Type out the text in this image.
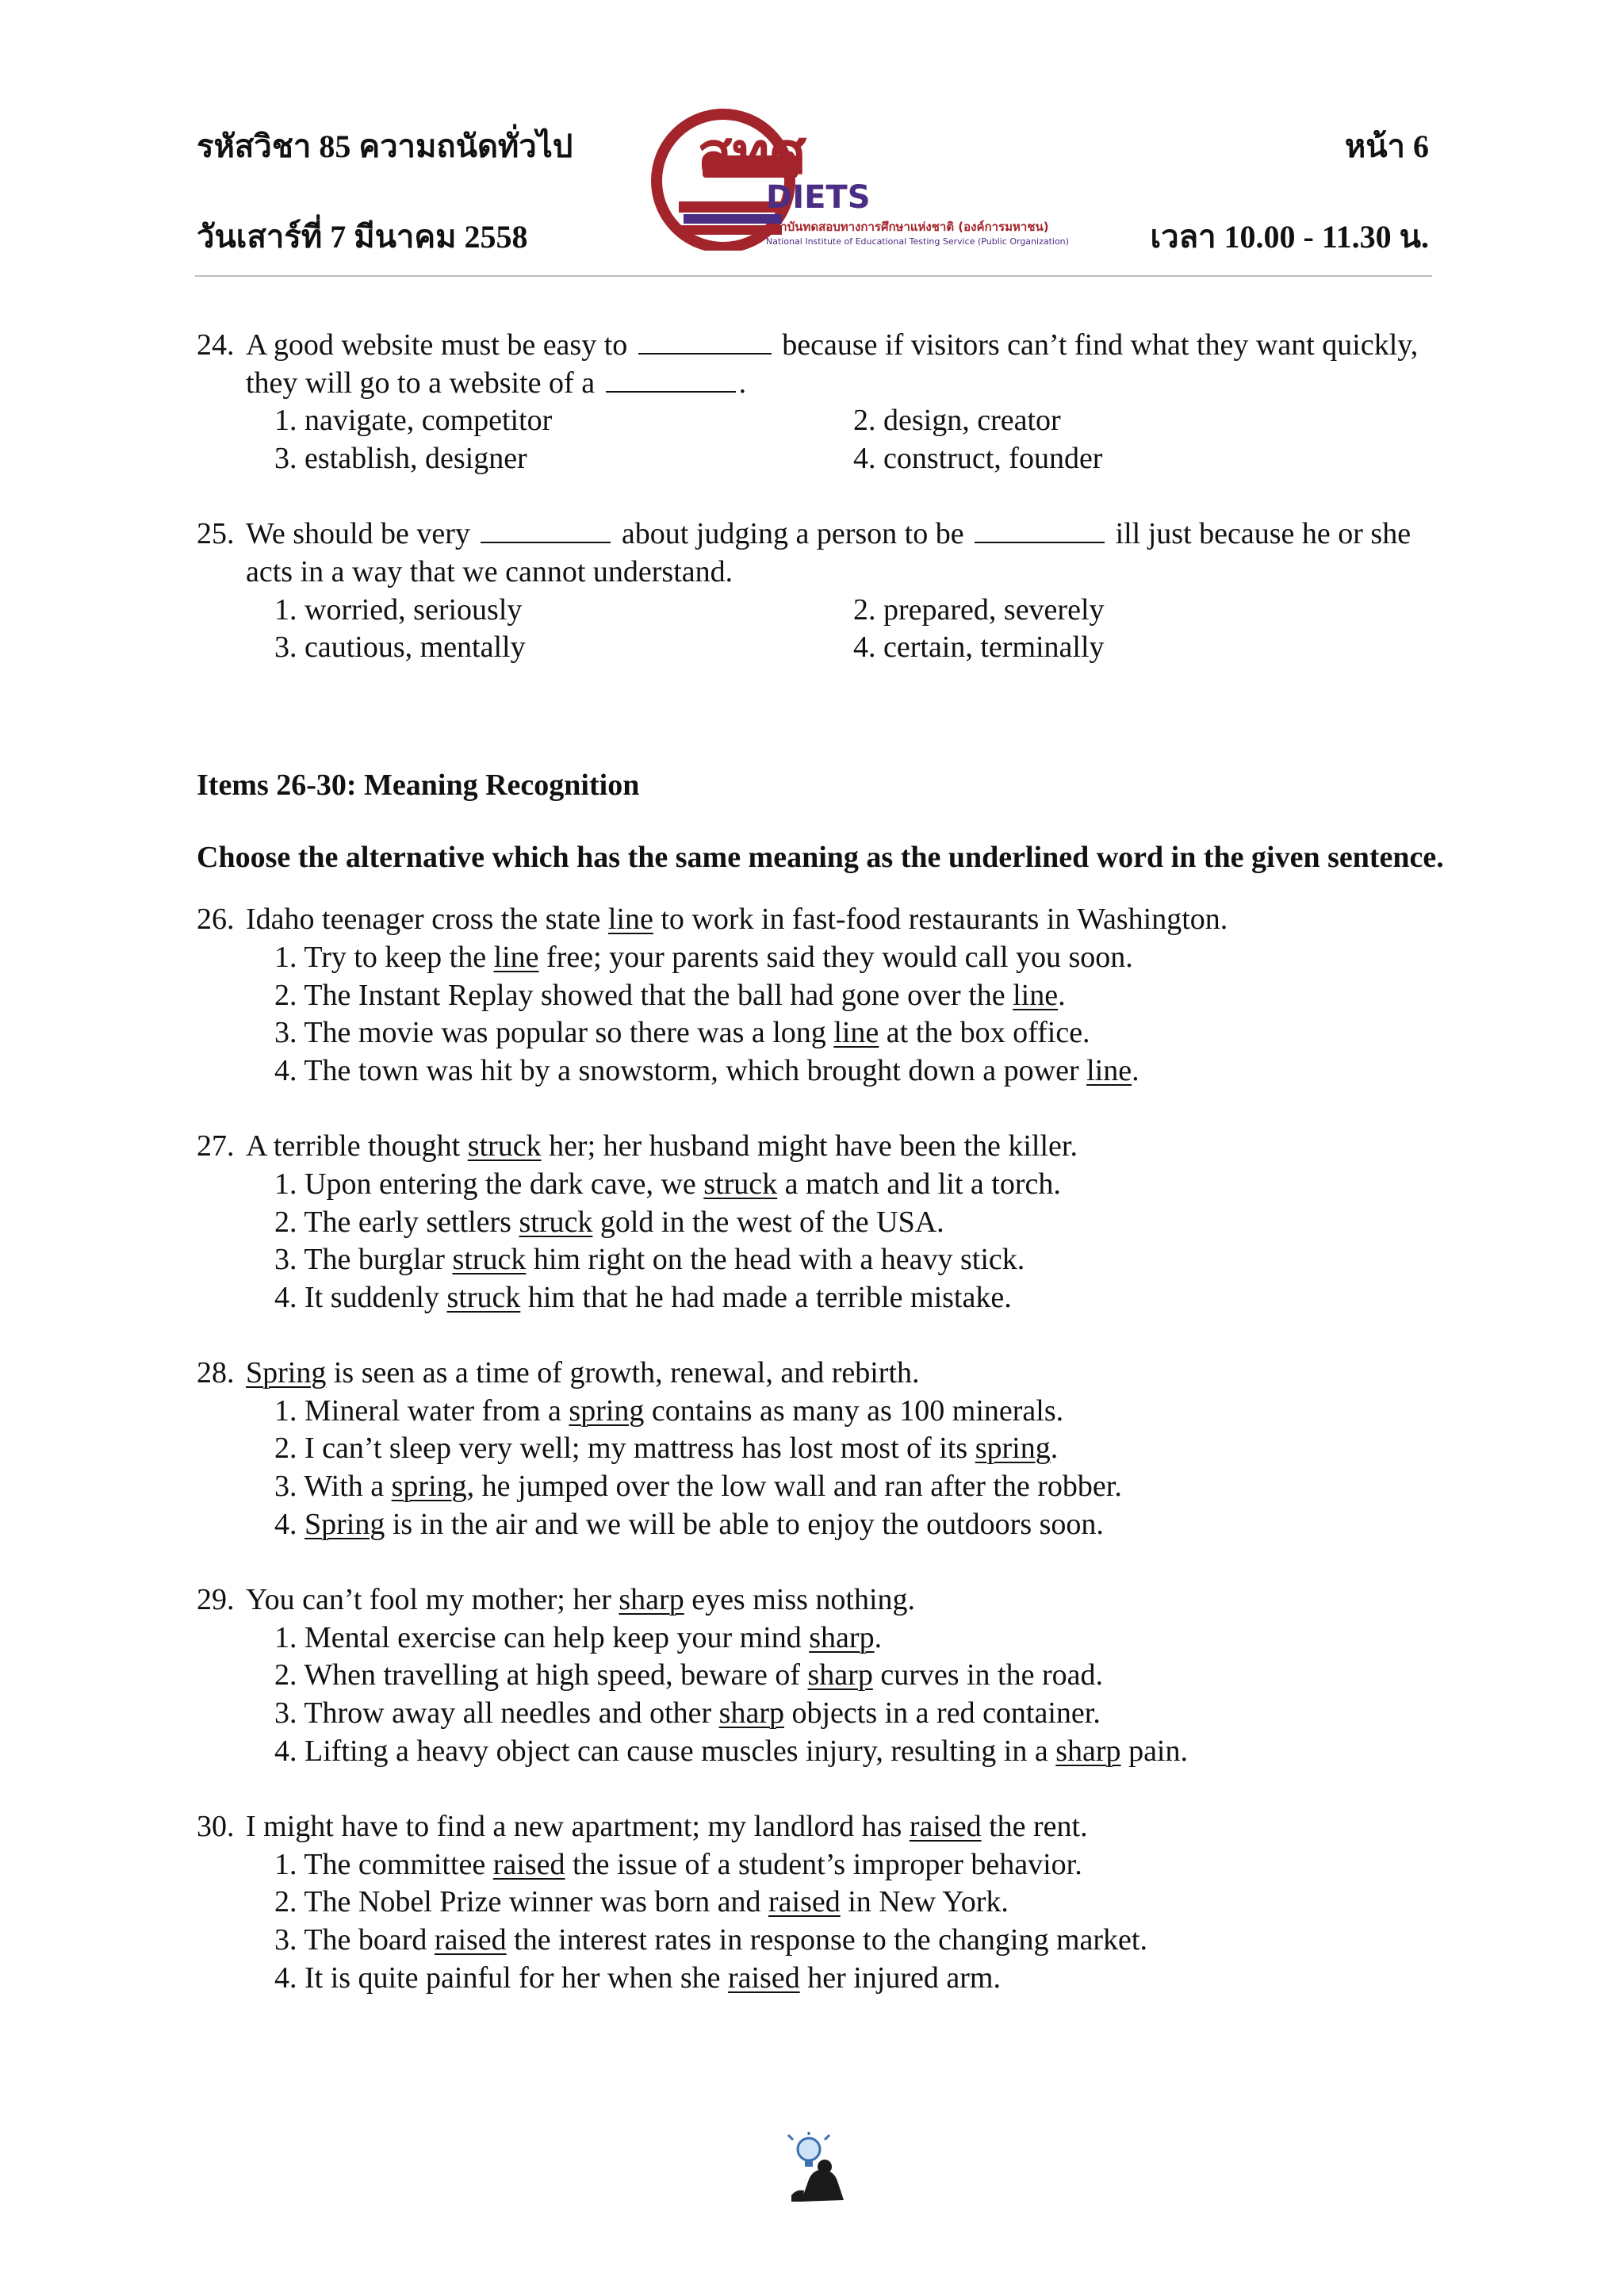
รหัสวิชา 85 ความถนัดทั่วไป	หน้า 6
วันเสาร์ที่ 7 มีนาคม 2558	เวลา 10.00 - 11.30 น.
สทศ
DIETS
สถาบันทดสอบทางการศึกษาแห่งชาติ (องค์การมหาชน)
National Institute of Educational Testing Service (Public Organization)
24. A good website must be easy to	because if visitors can’t find what they want quickly, they will go to a website of a	.
1. navigate, competitor	2. design, creator
3. establish, designer	4. construct, founder
25. We should be very	about judging a person to be	ill just because he or she acts in a way that we cannot understand.
1. worried, seriously	2. prepared, severely
3. cautious, mentally	4. certain, terminally
Items 26-30: Meaning Recognition
Choose the alternative which has the same meaning as the underlined word in the given sentence.
26. Idaho teenager cross the state line to work in fast-food restaurants in Washington.
1. Try to keep the line free; your parents said they would call you soon.
2. The Instant Replay showed that the ball had gone over the line.
3. The movie was popular so there was a long line at the box office.
4. The town was hit by a snowstorm, which brought down a power line.
27. A terrible thought struck her; her husband might have been the killer.
1. Upon entering the dark cave, we struck a match and lit a torch.
2. The early settlers struck gold in the west of the USA.
3. The burglar struck him right on the head with a heavy stick.
4. It suddenly struck him that he had made a terrible mistake.
28. Spring is seen as a time of growth, renewal, and rebirth.
1. Mineral water from a spring contains as many as 100 minerals.
2. I can’t sleep very well; my mattress has lost most of its spring.
3. With a spring, he jumped over the low wall and ran after the robber.
4. Spring is in the air and we will be able to enjoy the outdoors soon.
29. You can’t fool my mother; her sharp eyes miss nothing.
1. Mental exercise can help keep your mind sharp.
2. When travelling at high speed, beware of sharp curves in the road.
3. Throw away all needles and other sharp objects in a red container.
4. Lifting a heavy object can cause muscles injury, resulting in a sharp pain.
30. I might have to find a new apartment; my landlord has raised the rent.
1. The committee raised the issue of a student’s improper behavior.
2. The Nobel Prize winner was born and raised in New York.
3. The board raised the interest rates in response to the changing market.
4. It is quite painful for her when she raised her injured arm.
